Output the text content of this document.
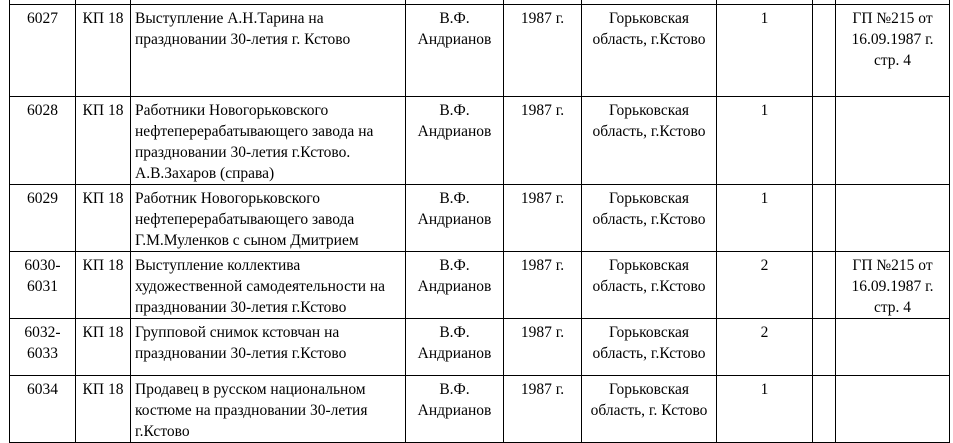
6027	КП 18	Выступление А.Н.Тарина на праздновании 30-летия г. Кстово	В.Ф. Андрианов	1987 г.	Горьковская область, г.Кстово	1		ГП №215 от 16.09.1987 г. стр. 4
6028	КП 18	Работники Новогорьковского нефтеперерабатывающего завода на праздновании 30-летия г.Кстово. А.В.Захаров (справа)	В.Ф. Андрианов	1987 г.	Горьковская область, г.Кстово	1		
6029	КП 18	Работник Новогорьковского нефтеперерабатывающего завода Г.М.Муленков с сыном Дмитрием	В.Ф. Андрианов	1987 г.	Горьковская область, г.Кстово	1		
6030- 6031	КП 18	Выступление коллектива художественной самодеятельности на праздновании 30-летия г.Кстово	В.Ф. Андрианов	1987 г.	Горьковская область, г.Кстово	2		ГП №215 от 16.09.1987 г. стр. 4
6032- 6033	КП 18	Групповой снимок кстовчан на праздновании 30-летия г.Кстово	В.Ф. Андрианов	1987 г.	Горьковская область, г.Кстово	2		
6034	КП 18	Продавец в русском национальном костюме на праздновании 30-летия г.Кстово	В.Ф. Андрианов	1987 г.	Горьковская область, г. Кстово	1		
